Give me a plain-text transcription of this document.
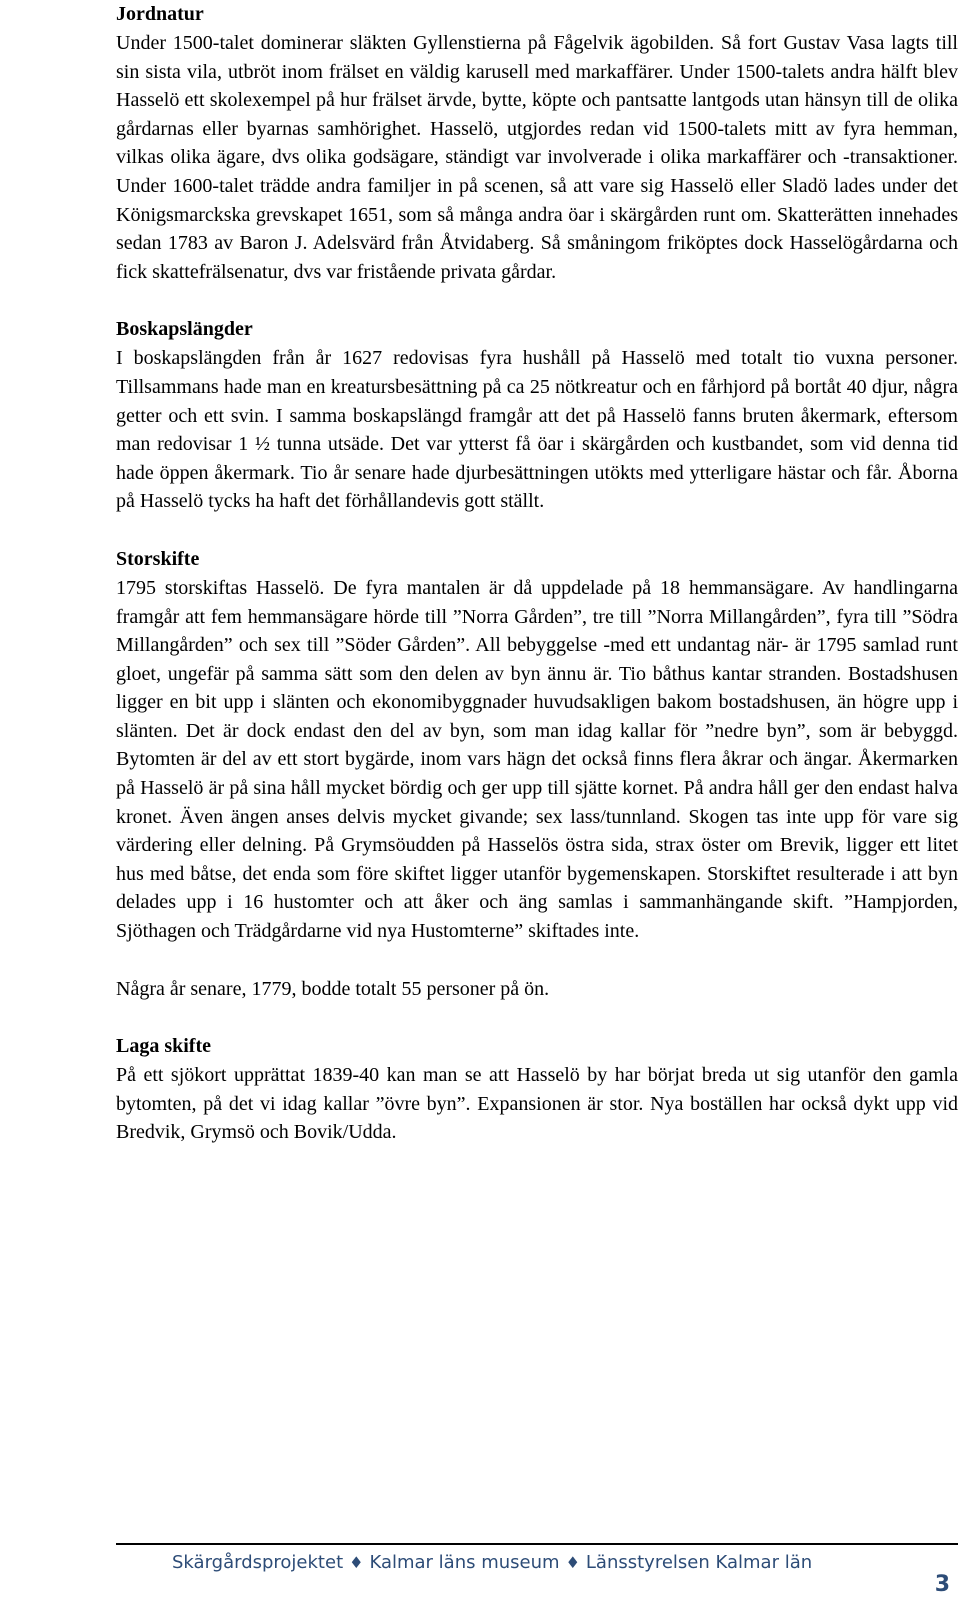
Jordnatur

Under 1500-talet dominerar släkten Gyllenstierna på Fågelvik ägobilden. Så fort Gustav Vasa lagts till sin sista vila, utbröt inom frälset en väldig karusell med markaffärer. Under 1500-talets andra hälft blev Hasselö ett skolexempel på hur frälset ärvde, bytte, köpte och pantsatte lantgods utan hänsyn till de olika gårdarnas eller byarnas samhörighet. Hasselö, utgjordes redan vid 1500-talets mitt av fyra hemman, vilkas olika ägare, dvs olika godsägare, ständigt var involverade i olika markaffärer och -transaktioner. Under 1600-talet trädde andra familjer in på scenen, så att vare sig Hasselö eller Sladö lades under det Königsmarckska grevskapet 1651, som så många andra öar i skärgården runt om. Skatterätten innehades sedan 1783 av Baron J. Adelsvärd från Åtvidaberg. Så småningom friköptes dock Hasselögårdarna och fick skattefrälsenatur, dvs var fristående privata gårdar.

Boskapslängder

I boskapslängden från år 1627 redovisas fyra hushåll på Hasselö med totalt tio vuxna personer. Tillsammans hade man en kreatursbesättning på ca 25 nötkreatur och en fårhjord på bortåt 40 djur, några getter och ett svin. I samma boskapslängd framgår att det på Hasselö fanns bruten åkermark, eftersom man redovisar 1 ½ tunna utsäde. Det var ytterst få öar i skärgården och kustbandet, som vid denna tid hade öppen åkermark. Tio år senare hade djurbesättningen utökts med ytterligare hästar och får. Åborna på Hasselö tycks ha haft det förhållandevis gott ställt.

Storskifte

1795 storskiftas Hasselö. De fyra mantalen är då uppdelade på 18 hemmansägare. Av handlingarna framgår att fem hemmansägare hörde till ”Norra Gården”, tre till ”Norra Millangården”, fyra till ”Södra Millangården” och sex till ”Söder Gården”. All bebyggelse -med ett undantag när- är 1795 samlad runt gloet, ungefär på samma sätt som den delen av byn ännu är. Tio båthus kantar stranden. Bostadshusen ligger en bit upp i slänten och ekonomibyggnader huvudsakligen bakom bostadshusen, än högre upp i slänten. Det är dock endast den del av byn, som man idag kallar för ”nedre byn”, som är bebyggd. Bytomten är del av ett stort bygärde, inom vars hägn det också finns flera åkrar och ängar. Åkermarken på Hasselö är på sina håll mycket bördig och ger upp till sjätte kornet. På andra håll ger den endast halva kronet. Även ängen anses delvis mycket givande; sex lass/tunnland. Skogen tas inte upp för vare sig värdering eller delning. På Grymsöudden på Hasselös östra sida, strax öster om Brevik, ligger ett litet hus med båtse, det enda som före skiftet ligger utanför bygemenskapen. Storskiftet resulterade i att byn delades upp i 16 hustomter och att åker och äng samlas i sammanhängande skift. ”Hampjorden, Sjöthagen och Trädgårdarne vid nya Hustomterne” skiftades inte.

Några år senare, 1779, bodde totalt 55 personer på ön.

Laga skifte

På ett sjökort upprättat 1839-40 kan man se att Hasselö by har börjat breda ut sig utanför den gamla bytomten, på det vi idag kallar ”övre byn”. Expansionen är stor. Nya boställen har också dykt upp vid Bredvik, Grymsö och Bovik/Udda.

Skärgårdsprojektet ♦ Kalmar läns museum ♦ Länsstyrelsen Kalmar län
3
